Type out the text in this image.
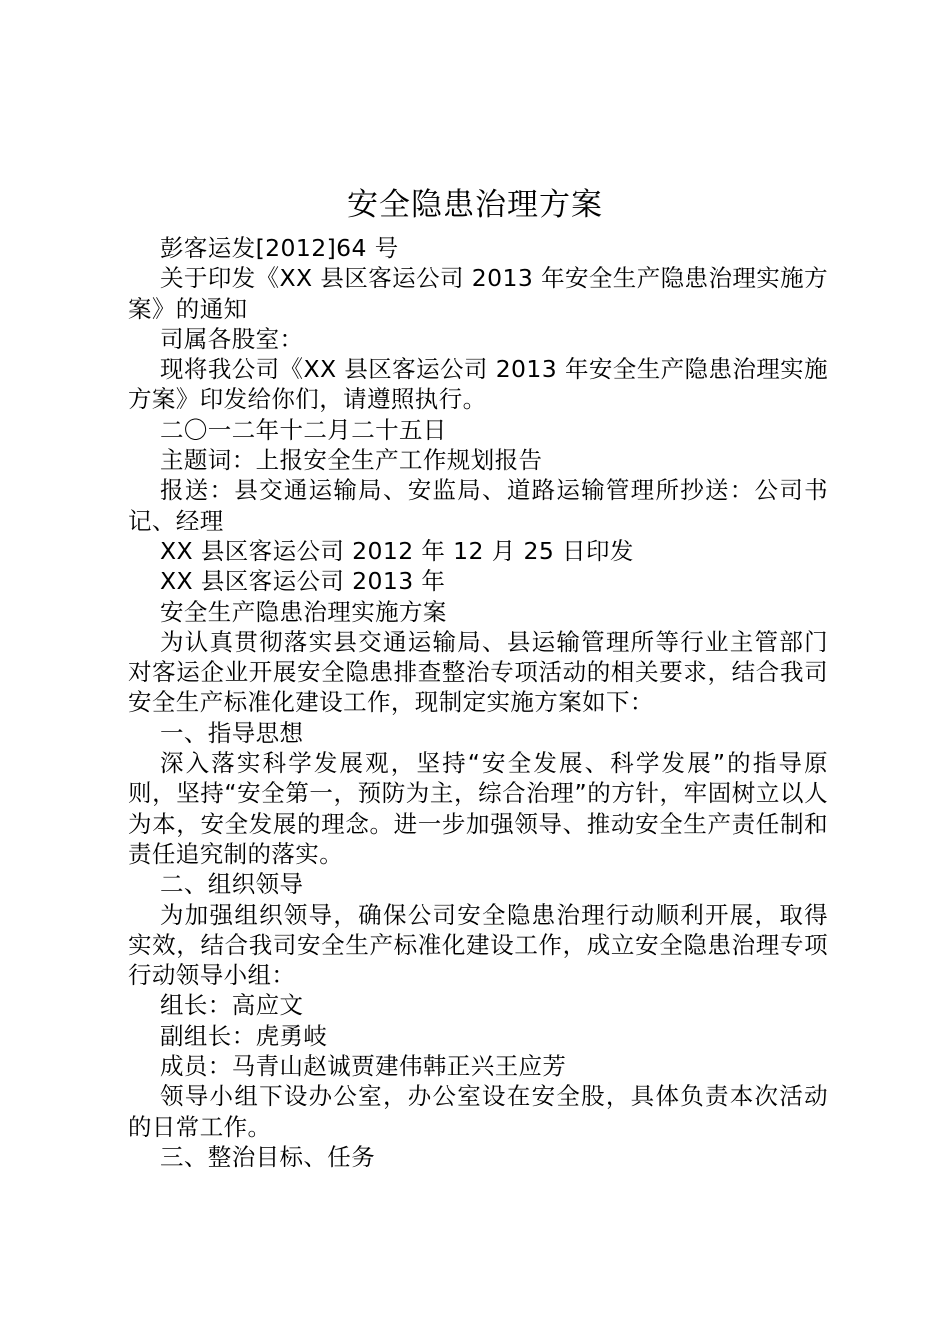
安全隐患治理方案

彭客运发[2012]64 号

关于印发《XX 县区客运公司 2013 年安全生产隐患治理实施方案》的通知

司属各股室：

现将我公司《XX 县区客运公司 2013 年安全生产隐患治理实施方案》印发给你们，请遵照执行。

二〇一二年十二月二十五日

主题词：上报安全生产工作规划报告

报送：县交通运输局、安监局、道路运输管理所抄送：公司书记、经理

XX 县区客运公司 2012 年 12 月 25 日印发

XX 县区客运公司 2013 年

安全生产隐患治理实施方案

为认真贯彻落实县交通运输局、县运输管理所等行业主管部门对客运企业开展安全隐患排查整治专项活动的相关要求，结合我司安全生产标准化建设工作，现制定实施方案如下：

一、指导思想

深入落实科学发展观，坚持“安全发展、科学发展”的指导原则，坚持“安全第一，预防为主，综合治理”的方针，牢固树立以人为本，安全发展的理念。进一步加强领导、推动安全生产责任制和责任追究制的落实。

二、组织领导

为加强组织领导，确保公司安全隐患治理行动顺利开展，取得实效，结合我司安全生产标准化建设工作，成立安全隐患治理专项行动领导小组：

组长：高应文

副组长：虎勇岐

成员：马青山赵诚贾建伟韩正兴王应芳

领导小组下设办公室，办公室设在安全股，具体负责本次活动的日常工作。

三、整治目标、任务
